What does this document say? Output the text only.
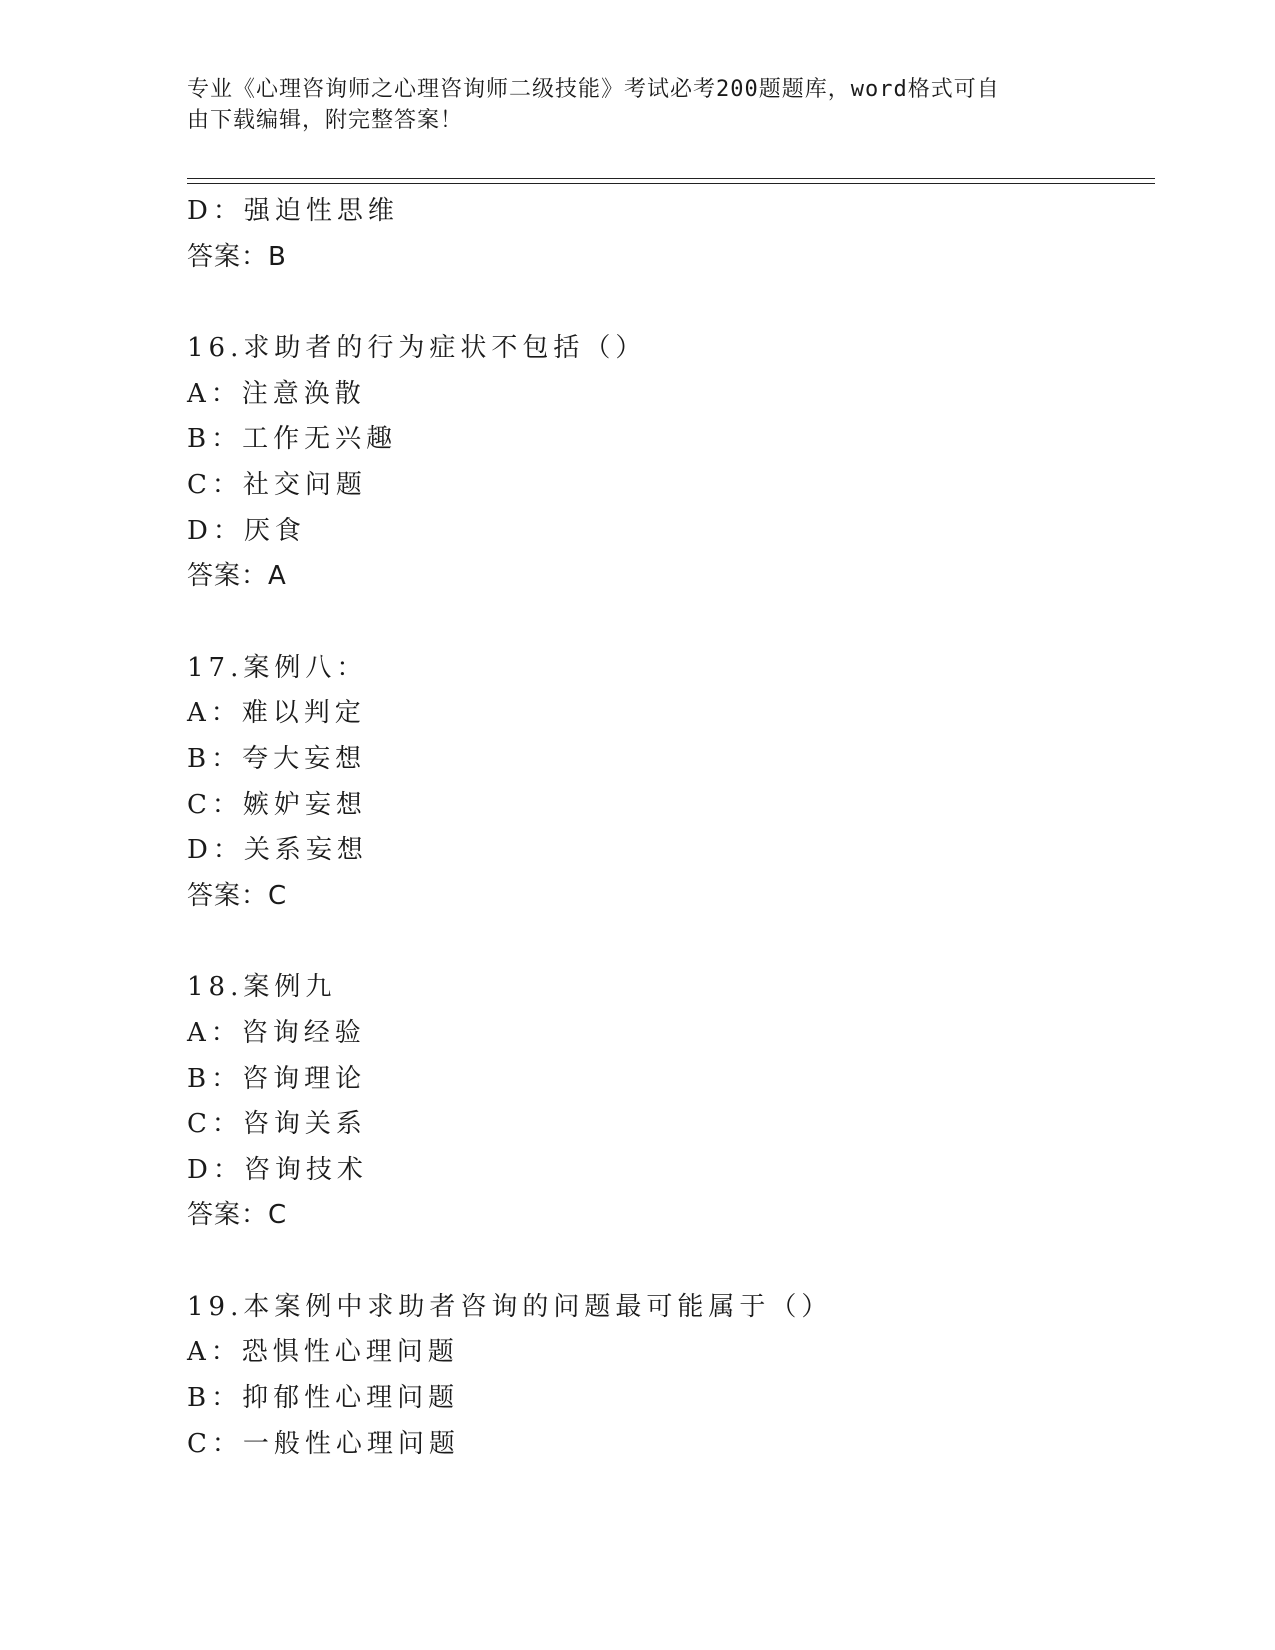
专业《心理咨询师之心理咨询师二级技能》考试必考200题题库，word格式可自
由下载编辑，附完整答案！
D：强迫性思维
答案：B
16.求助者的行为症状不包括（）
A：注意涣散
B：工作无兴趣
C：社交问题
D：厌食
答案：A
17.案例八：
A：难以判定
B：夸大妄想
C：嫉妒妄想
D：关系妄想
答案：C
18.案例九
A：咨询经验
B：咨询理论
C：咨询关系
D：咨询技术
答案：C
19.本案例中求助者咨询的问题最可能属于（）
A：恐惧性心理问题
B：抑郁性心理问题
C：一般性心理问题
